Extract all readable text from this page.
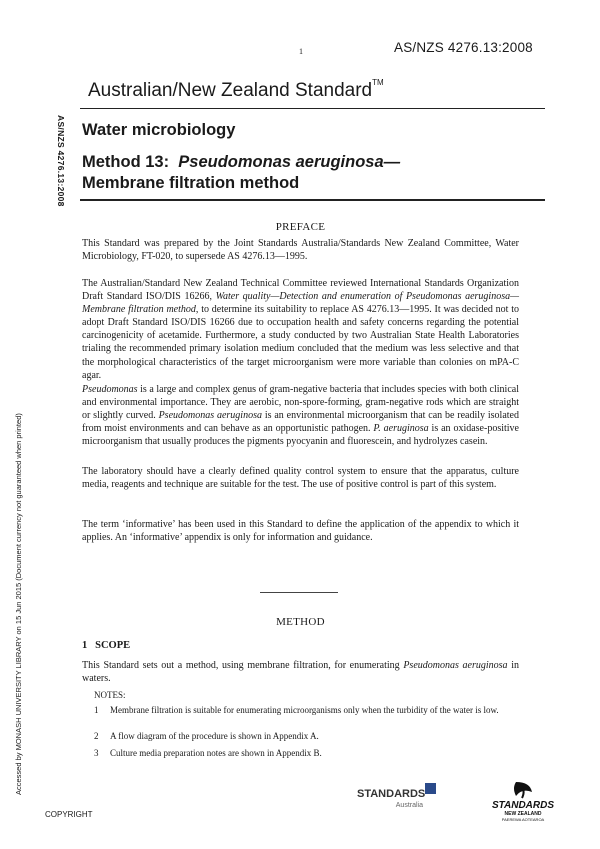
1	AS/NZS 4276.13:2008
Australian/New Zealand Standard™
AS/NZS 4276.13:2008
Accessed by MONASH UNIVERSITY LIBRARY on 15 Jun 2015 (Document currency not guaranteed when printed)
Water microbiology
Method 13: Pseudomonas aeruginosa—
Membrane filtration method
PREFACE
This Standard was prepared by the Joint Standards Australia/Standards New Zealand Committee, Water Microbiology, FT-020, to supersede AS 4276.13—1995.
The Australian/Standard New Zealand Technical Committee reviewed International Standards Organization Draft Standard ISO/DIS 16266, Water quality—Detection and enumeration of Pseudomonas aeruginosa—Membrane filtration method, to determine its suitability to replace AS 4276.13—1995. It was decided not to adopt Draft Standard ISO/DIS 16266 due to occupation health and safety concerns regarding the potential carcinogenicity of acetamide. Furthermore, a study conducted by two Australian State Health Laboratories trialing the recommended primary isolation medium concluded that the medium was less selective and that the morphological characteristics of the target microorganism were more variable than colonies on mPA-C agar.
Pseudomonas is a large and complex genus of gram-negative bacteria that includes species with both clinical and environmental importance. They are aerobic, non-spore-forming, gram-negative rods which are straight or slightly curved. Pseudomonas aeruginosa is an environmental microorganism that can be readily isolated from moist environments and can behave as an opportunistic pathogen. P. aeruginosa is an oxidase-positive microorganism that usually produces the pigments pyocyanin and fluorescein, and hydrolyzes casein.
The laboratory should have a clearly defined quality control system to ensure that the apparatus, culture media, reagents and technique are suitable for the test. The use of positive control is part of this system.
The term ‘informative’ has been used in this Standard to define the application of the appendix to which it applies. An ‘informative’ appendix is only for information and guidance.
METHOD
1 SCOPE
This Standard sets out a method, using membrane filtration, for enumerating Pseudomonas aeruginosa in waters.
NOTES:
1 Membrane filtration is suitable for enumerating microorganisms only when the turbidity of the water is low.
2 A flow diagram of the procedure is shown in Appendix A.
3 Culture media preparation notes are shown in Appendix B.
STANDARDS
Australia	STANDARDS
NEW ZEALAND
PAEREWA AOTEAROA
COPYRIGHT
